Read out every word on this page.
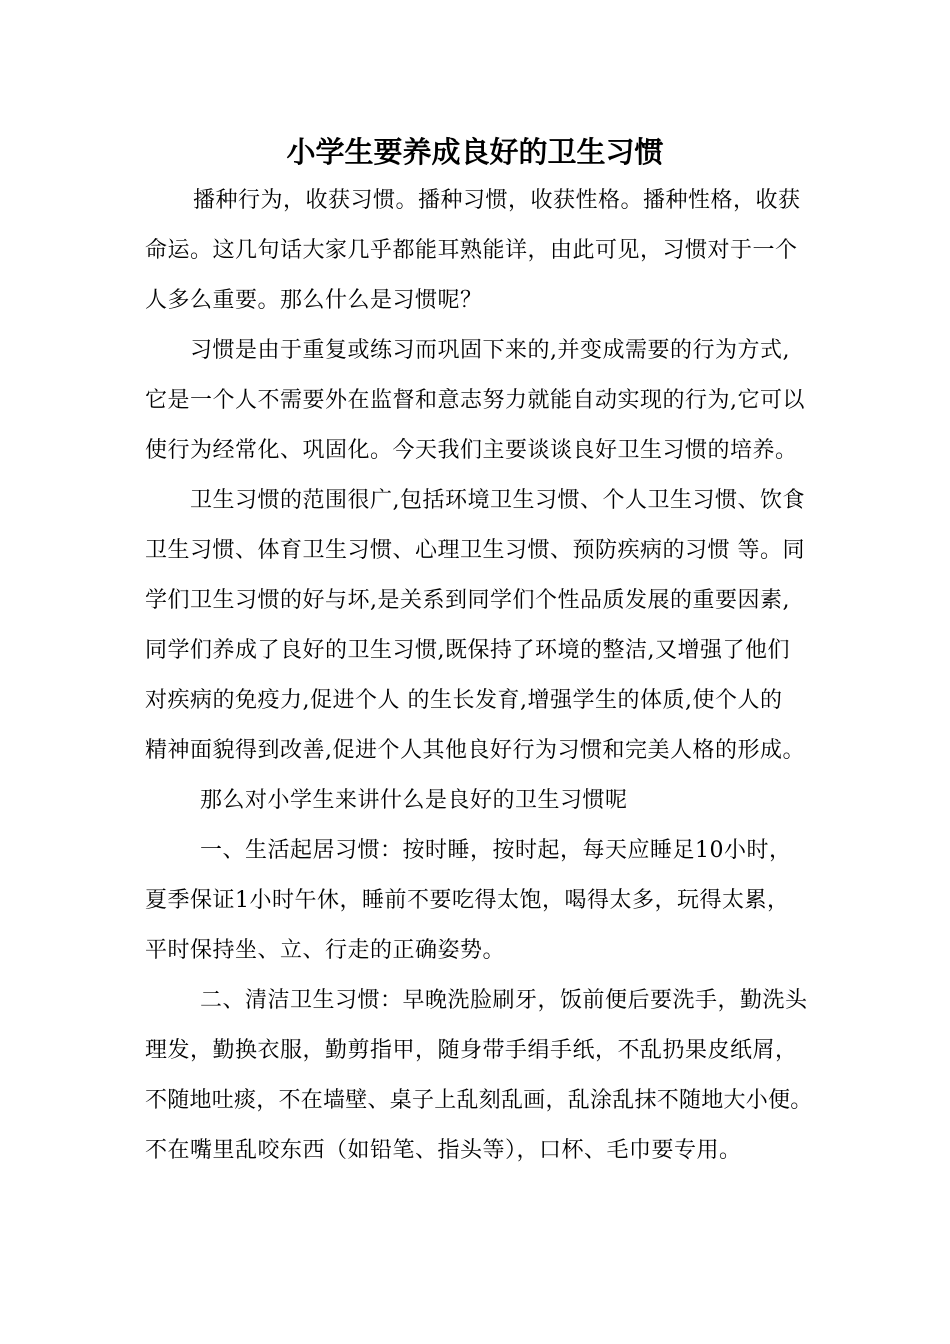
小学生要养成良好的卫生习惯
播种行为，收获习惯。播种习惯，收获性格。播种性格，收获
命运。这几句话大家几乎都能耳熟能详，由此可见，习惯对于一个
人多么重要。那么什么是习惯呢？
习惯是由于重复或练习而巩固下来的,并变成需要的行为方式,
它是一个人不需要外在监督和意志努力就能自动实现的行为,它可以
使行为经常化、巩固化。今天我们主要谈谈良好卫生习惯的培养。
卫生习惯的范围很广,包括环境卫生习惯、个人卫生习惯、饮食
卫生习惯、体育卫生习惯、心理卫生习惯、预防疾病的习惯 等。同
学们卫生习惯的好与坏,是关系到同学们个性品质发展的重要因素,
同学们养成了良好的卫生习惯,既保持了环境的整洁,又增强了他们
对疾病的免疫力,促进个人 的生长发育,增强学生的体质,使个人的
精神面貌得到改善,促进个人其他良好行为习惯和完美人格的形成。
那么对小学生来讲什么是良好的卫生习惯呢
一、生活起居习惯：按时睡，按时起，每天应睡足10小时，
夏季保证1小时午休，睡前不要吃得太饱，喝得太多，玩得太累，
平时保持坐、立、行走的正确姿势。
二、清洁卫生习惯：早晚洗脸刷牙，饭前便后要洗手，勤洗头
理发，勤换衣服，勤剪指甲，随身带手绢手纸，不乱扔果皮纸屑，
不随地吐痰，不在墙壁、桌子上乱刻乱画，乱涂乱抹不随地大小便。
不在嘴里乱咬东西（如铅笔、指头等），口杯、毛巾要专用。
